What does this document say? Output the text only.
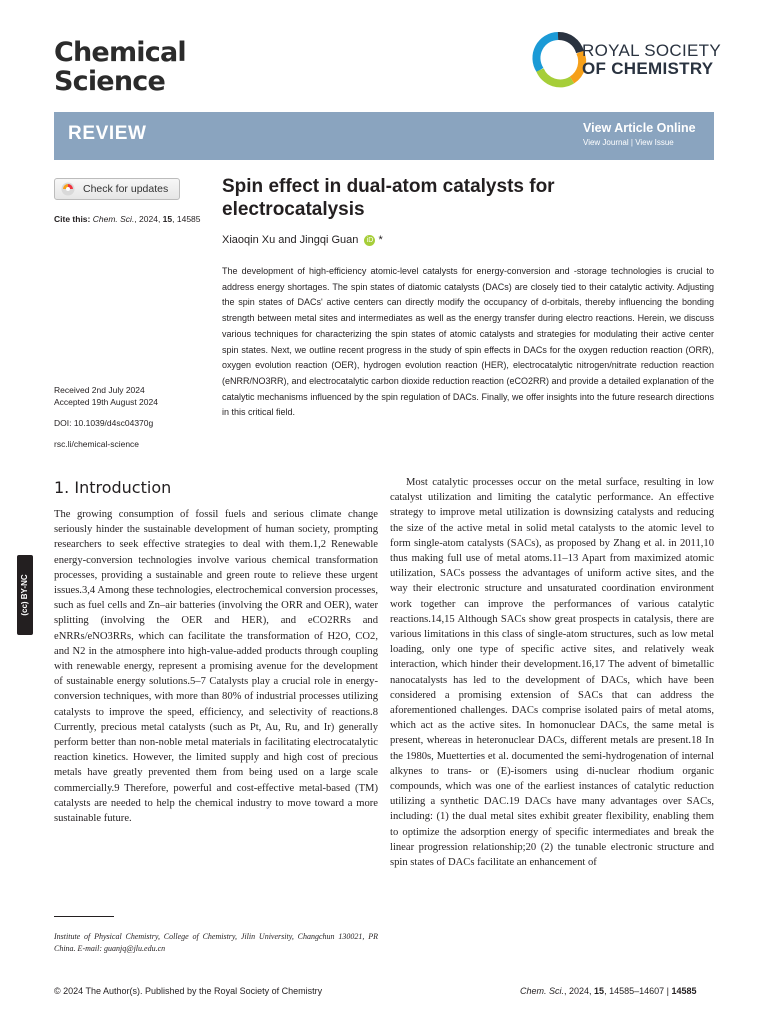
Chemical
Science
ROYAL SOCIETY
OF CHEMISTRY
REVIEW	View Article Online
View Journal | View Issue
Check for updates
Cite this: Chem. Sci., 2024, 15, 14585
Received 2nd July 2024
Accepted 19th August 2024
DOI: 10.1039/d4sc04370g
rsc.li/chemical-science
Spin effect in dual-atom catalysts for electrocatalysis
Xiaoqin Xu and Jingqi Guan iD *
The development of high-efficiency atomic-level catalysts for energy-conversion and -storage technologies is crucial to address energy shortages. The spin states of diatomic catalysts (DACs) are closely tied to their catalytic activity. Adjusting the spin states of DACs' active centers can directly modify the occupancy of d-orbitals, thereby influencing the bonding strength between metal sites and intermediates as well as the energy transfer during electro reactions. Herein, we discuss various techniques for characterizing the spin states of atomic catalysts and strategies for modulating their active center spin states. Next, we outline recent progress in the study of spin effects in DACs for the oxygen reduction reaction (ORR), oxygen evolution reaction (OER), hydrogen evolution reaction (HER), electrocatalytic nitrogen/nitrate reduction reaction (eNRR/NO3RR), and electrocatalytic carbon dioxide reduction reaction (eCO2RR) and provide a detailed explanation of the catalytic mechanisms influenced by the spin regulation of DACs. Finally, we offer insights into the future research directions in this critical field.
1. Introduction
The growing consumption of fossil fuels and serious climate change seriously hinder the sustainable development of human society, prompting researchers to seek effective strategies to deal with them.1,2 Renewable energy-conversion technologies involve various chemical transformation processes, providing a sustainable and green route to relieve these urgent issues.3,4 Among these technologies, electrochemical conversion processes, such as fuel cells and Zn–air batteries (involving the ORR and OER), water splitting (involving the OER and HER), and eCO2RRs and eNRRs/eNO3RRs, which can facilitate the transformation of H2O, CO2, and N2 in the atmosphere into high-value-added products through coupling with renewable energy, represent a promising avenue for the development of sustainable energy solutions.5–7 Catalysts play a crucial role in energy-conversion techniques, with more than 80% of industrial processes utilizing catalysts to improve the speed, efficiency, and selectivity of reactions.8 Currently, precious metal catalysts (such as Pt, Au, Ru, and Ir) generally perform better than non-noble metal materials in facilitating electrocatalytic reaction kinetics. However, the limited supply and high cost of precious metals have greatly prevented them from being used on a large scale commercially.9 Therefore, powerful and cost-effective metal-based (TM) catalysts are needed to help the chemical industry to move toward a more sustainable future.
Most catalytic processes occur on the metal surface, resulting in low catalyst utilization and limiting the catalytic performance. An effective strategy to improve metal utilization is downsizing catalysts and reducing the size of the active metal in solid metal catalysts to the atomic level to form single-atom catalysts (SACs), as proposed by Zhang et al. in 2011,10 thus making full use of metal atoms.11–13 Apart from maximized atomic utilization, SACs possess the advantages of uniform active sites, and the way their electronic structure and unsaturated coordination environment work together can improve the performances of various catalytic reactions.14,15 Although SACs show great prospects in catalysis, there are various limitations in this class of single-atom structures, such as low metal loading, only one type of specific active sites, and relatively weak interaction, which hinder their development.16,17 The advent of bimetallic nanocatalysts has led to the development of DACs, which have been considered a promising extension of SACs that can address the aforementioned challenges. DACs comprise isolated pairs of metal atoms, which act as the active sites. In homonuclear DACs, the same metal is present, whereas in heteronuclear DACs, different metals are present.18 In the 1980s, Muetterties et al. documented the semi-hydrogenation of internal alkynes to trans- or (E)-isomers using di-nuclear rhodium organic compounds, which was one of the earliest instances of catalytic reduction utilizing a synthetic DAC.19 DACs have many advantages over SACs, including: (1) the dual metal sites exhibit greater flexibility, enabling them to optimize the adsorption energy of specific intermediates and break the linear progression relationship;20 (2) the tunable electronic structure and spin states of DACs facilitate an enhancement of
Institute of Physical Chemistry, College of Chemistry, Jilin University, Changchun 130021, PR China. E-mail: guanjq@jlu.edu.cn
(cc) BY-NC
© 2024 The Author(s). Published by the Royal Society of Chemistry	Chem. Sci., 2024, 15, 14585–14607 | 14585
